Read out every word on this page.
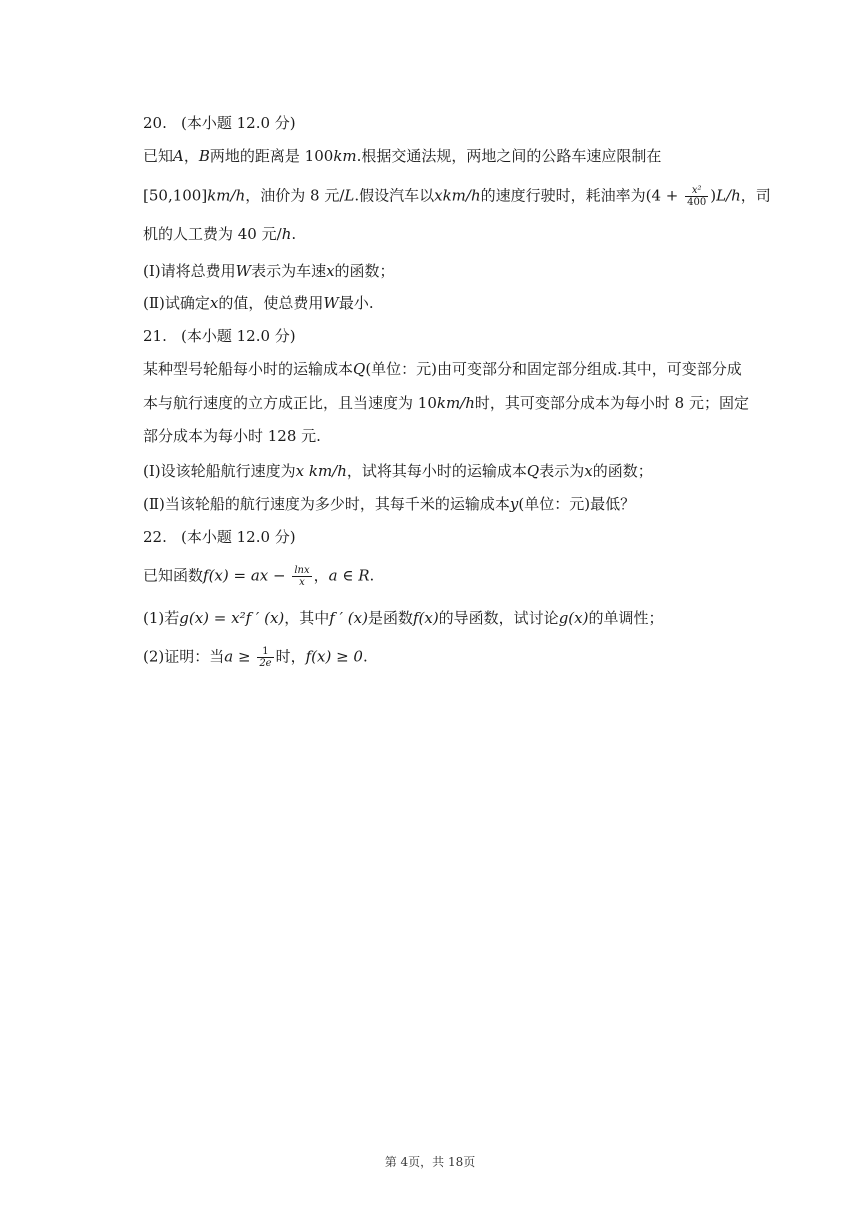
20. (本小题 12.0 分)
已知A，B两地的距离是 100km.根据交通法规，两地之间的公路车速应限制在
[50,100]km/h，油价为 8 元/L.假设汽车以xkm/h的速度行驶时，耗油率为$(4 + \frac{\text{x²}}{400} )L/h$，司
机的人工费为 40 元/h.
(Ⅰ)请将总费用W表示为车速x的函数；
(Ⅱ)试确定x的值，使总费用W最小.
21. (本小题 12.0 分)
某种型号轮船每小时的运输成本Q(单位：元)由可变部分和固定部分组成.其中，可变部分成
本与航行速度的立方成正比，且当速度为 10km/h时，其可变部分成本为每小时 8 元；固定
部分成本为每小时 128 元.
(Ⅰ)设该轮船航行速度为x km/h，试将其每小时的运输成本Q表示为x的函数；
(Ⅱ)当该轮船的航行速度为多少时，其每千米的运输成本y(单位：元)最低？
22. (本小题 12.0 分)
已知函数f(x) = ax − $\frac{\ln x}{x}$ ，a ∈ R.
(1)若g(x) = x²f ′ (x)，其中f ′ (x)是函数f(x)的导函数，试讨论g(x)的单调性；
(2)证明：当$a \ge \frac{1}{2e}$ 时，f(x) ≥ 0.
第 4页，共 18页
